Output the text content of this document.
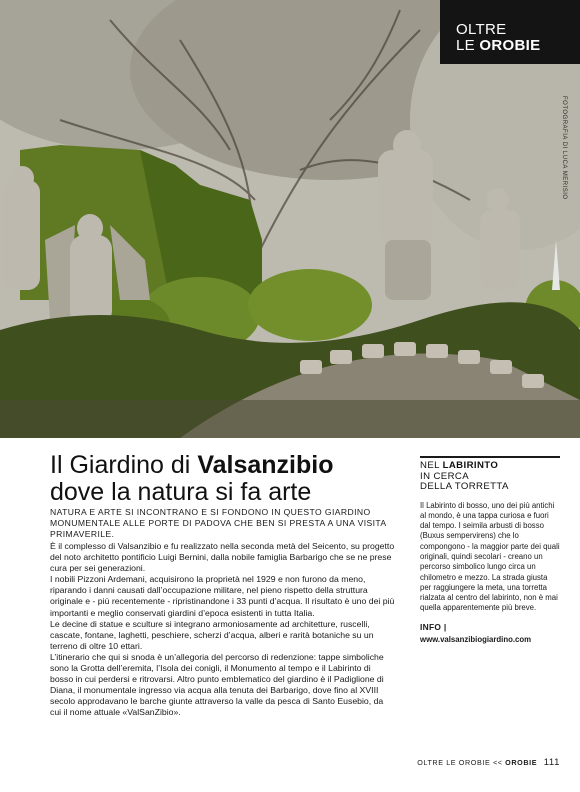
FOTOGRAFIA DI LUCA MERISIO
OLTRE
LE OROBIE
Il Giardino di Valsanzibio
dove la natura si fa arte
NATURA E ARTE SI INCONTRANO E SI FONDONO IN QUESTO GIARDINO MONUMENTALE ALLE PORTE DI PADOVA CHE BEN SI PRESTA A UNA VISITA PRIMAVERILE.

È il complesso di Valsanzibio e fu realizzato nella seconda metà del Seicento, su progetto del noto architetto pontificio Luigi Bernini, dalla nobile famiglia Barbarigo che se ne prese cura per sei generazioni.

I nobili Pizzoni Ardemani, acquisirono la proprietà nel 1929 e non furono da meno, riparando i danni causati dall’occupazione militare, nel pieno rispetto della struttura originale e - più recentemente - ripristinandone i 33 punti d’acqua. Il risultato è uno dei più importanti e meglio conservati giardini d’epoca esistenti in tutta Italia.

Le decine di statue e sculture si integrano armoniosamente ad architetture, ruscelli, cascate, fontane, laghetti, peschiere, scherzi d’acqua, alberi e rarità botaniche su un terreno di oltre 10 ettari.

L’itinerario che qui si snoda è un’allegoria del percorso di redenzione: tappe simboliche sono la Grotta dell’eremita, l’Isola dei conigli, il Monumento al tempo e il Labirinto di bosso in cui perdersi e ritrovarsi. Altro punto emblematico del giardino è il Padiglione di Diana, il monumentale ingresso via acqua alla tenuta dei Barbarigo, dove fino al XVIII secolo approdavano le barche giunte attraverso la valle da pesca di Santo Eusebio, da cui il nome attuale «ValSanZibio».

NEL LABIRINTO
IN CERCA
DELLA TORRETTA
Il Labirinto di bosso, uno dei più antichi al mondo, è una tappa curiosa e fuori dal tempo. I seimila arbusti di bosso (Buxus sempervirens) che lo compongono - la maggior parte dei quali originali, quindi secolari - creano un percorso simbolico lungo circa un chilometro e mezzo. La strada giusta per raggiungere la meta, una torretta rialzata al centro del labirinto, non è mai quella apparentemente più breve.
INFO |
www.valsanzibiogiardino.com
OLTRE LE OROBIE << OROBIE 111
